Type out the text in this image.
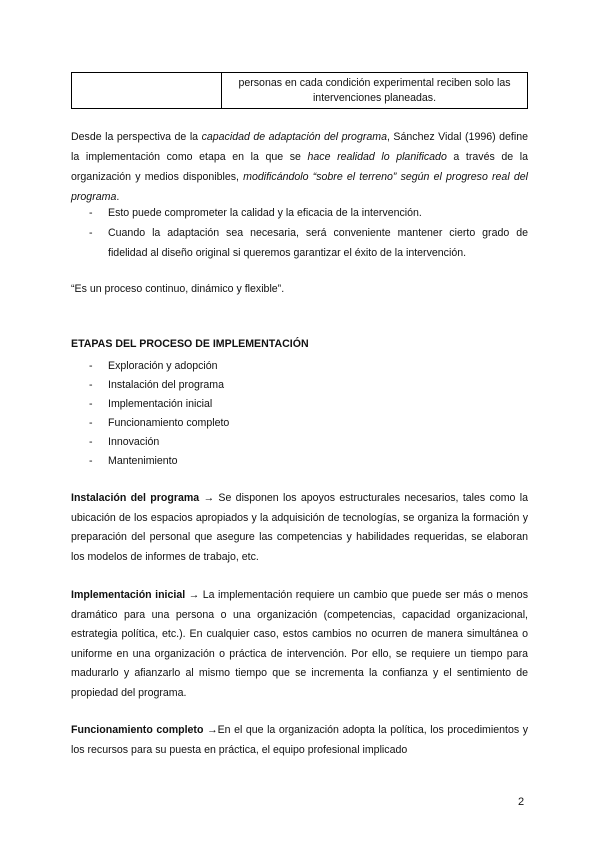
personas en cada condición experimental reciben solo las intervenciones planeadas.
Desde la perspectiva de la capacidad de adaptación del programa, Sánchez Vidal (1996) define la implementación como etapa en la que se hace realidad lo planificado a través de la organización y medios disponibles, modificándolo “sobre el terreno” según el progreso real del programa.
- Esto puede comprometer la calidad y la eficacia de la intervención.
- Cuando la adaptación sea necesaria, será conveniente mantener cierto grado de fidelidad al diseño original si queremos garantizar el éxito de la intervención.
“Es un proceso continuo, dinámico y flexible”.
ETAPAS DEL PROCESO DE IMPLEMENTACIÓN
- Exploración y adopción
- Instalación del programa
- Implementación inicial
- Funcionamiento completo
- Innovación
- Mantenimiento
Instalación del programa → Se disponen los apoyos estructurales necesarios, tales como la ubicación de los espacios apropiados y la adquisición de tecnologías, se organiza la formación y preparación del personal que asegure las competencias y habilidades requeridas, se elaboran los modelos de informes de trabajo, etc.
Implementación inicial → La implementación requiere un cambio que puede ser más o menos dramático para una persona o una organización (competencias, capacidad organizacional, estrategia política, etc.). En cualquier caso, estos cambios no ocurren de manera simultánea o uniforme en una organización o práctica de intervención. Por ello, se requiere un tiempo para madurarlo y afianzarlo al mismo tiempo que se incrementa la confianza y el sentimiento de propiedad del programa.
Funcionamiento completo →En el que la organización adopta la política, los procedimientos y los recursos para su puesta en práctica, el equipo profesional implicado
2
